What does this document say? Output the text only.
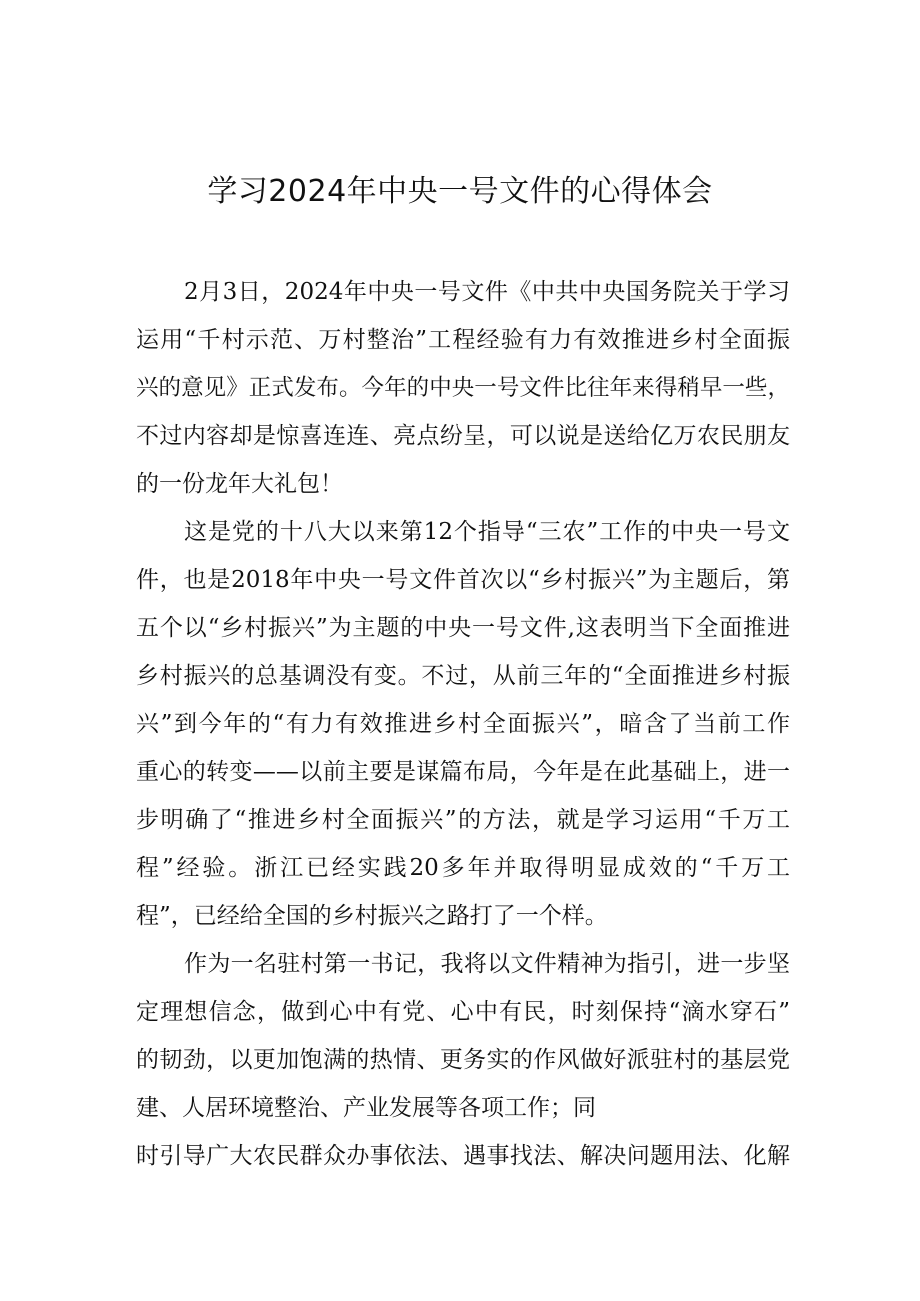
学习2024年中央一号文件的心得体会
2月3日，2024年中央一号文件《中共中央国务院关于学习
运用“千村示范、万村整治”工程经验有力有效推进乡村全面振
兴的意见》正式发布。今年的中央一号文件比往年来得稍早一些，
不过内容却是惊喜连连、亮点纷呈，可以说是送给亿万农民朋友
的一份龙年大礼包！
这是党的十八大以来第12个指导“三农”工作的中央一号文
件，也是2018年中央一号文件首次以“乡村振兴”为主题后，第
五个以“乡村振兴”为主题的中央一号文件,这表明当下全面推进
乡村振兴的总基调没有变。不过，从前三年的“全面推进乡村振
兴”到今年的“有力有效推进乡村全面振兴”，暗含了当前工作
重心的转变——以前主要是谋篇布局，今年是在此基础上，进一
步明确了“推进乡村全面振兴”的方法，就是学习运用“千万工
程”经验。浙江已经实践20多年并取得明显成效的“千万工
程”，已经给全国的乡村振兴之路打了一个样。
作为一名驻村第一书记，我将以文件精神为指引，进一步坚
定理想信念，做到心中有党、心中有民，时刻保持“滴水穿石”
的韧劲，以更加饱满的热情、更务实的作风做好派驻村的基层党
建、人居环境整治、产业发展等各项工作；同
时引导广大农民群众办事依法、遇事找法、解决问题用法、化解
